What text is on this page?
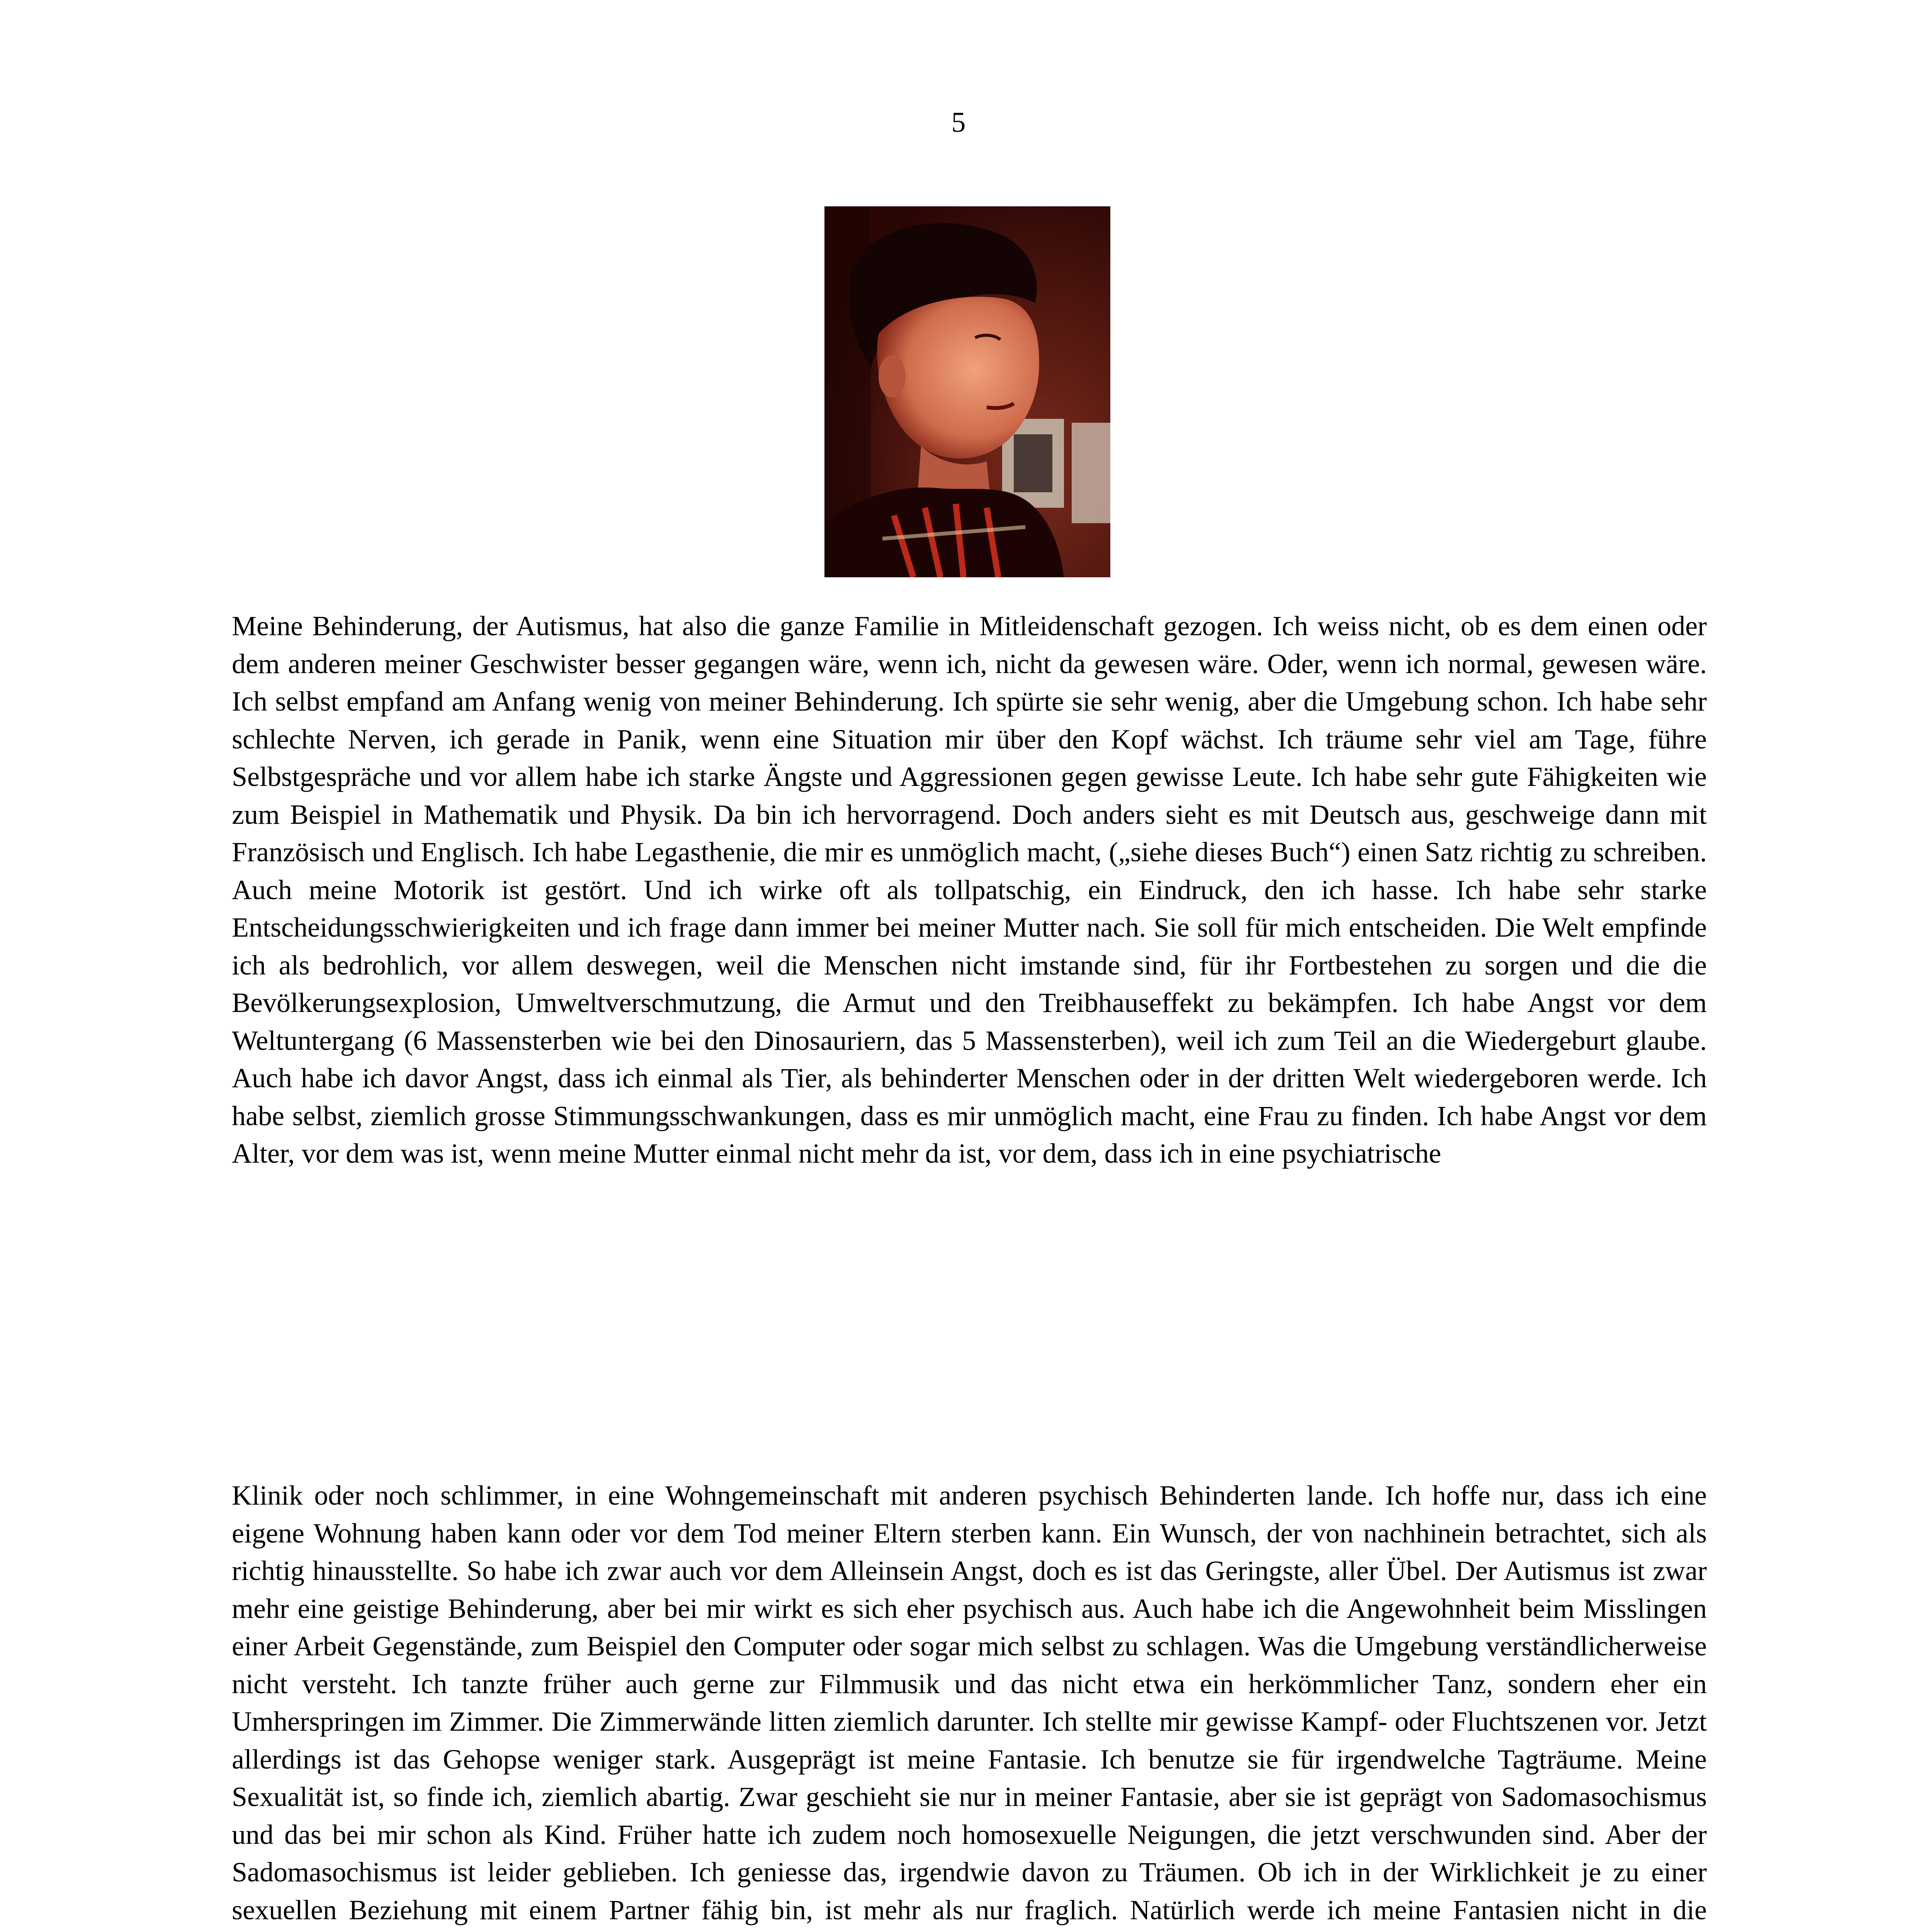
5

Meine Behinderung, der Autismus, hat also die ganze Familie in Mitleidenschaft gezogen. Ich weiss nicht, ob es dem einen oder dem anderen meiner Geschwister besser gegangen wäre, wenn ich, nicht da gewesen wäre. Oder, wenn ich normal, gewesen wäre. Ich selbst empfand am Anfang wenig von meiner Behinderung. Ich spürte sie sehr wenig, aber die Umgebung schon. Ich habe sehr schlechte Nerven, ich gerade in Panik, wenn eine Situation mir über den Kopf wächst. Ich träume sehr viel am Tage, führe Selbstgespräche und vor allem habe ich starke Ängste und Aggressionen gegen gewisse Leute. Ich habe sehr gute Fähigkeiten wie zum Beispiel in Mathematik und Physik. Da bin ich hervorragend. Doch anders sieht es mit Deutsch aus, geschweige dann mit Französisch und Englisch. Ich habe Legasthenie, die mir es unmöglich macht, („siehe dieses Buch“) einen Satz richtig zu schreiben. Auch meine Motorik ist gestört. Und ich wirke oft als tollpatschig, ein Eindruck, den ich hasse. Ich habe sehr starke Entscheidungsschwierigkeiten und ich frage dann immer bei meiner Mutter nach. Sie soll für mich entscheiden. Die Welt empfinde ich als bedrohlich, vor allem deswegen, weil die Menschen nicht imstande sind, für ihr Fortbestehen zu sorgen und die die Bevölkerungsexplosion, Umweltverschmutzung, die Armut und den Treibhauseffekt zu bekämpfen. Ich habe Angst vor dem Weltuntergang (6 Massensterben wie bei den Dinosauriern, das 5 Massensterben), weil ich zum Teil an die Wiedergeburt glaube. Auch habe ich davor Angst, dass ich einmal als Tier, als behinderter Menschen oder in der dritten Welt wiedergeboren werde. Ich habe selbst, ziemlich grosse Stimmungsschwankungen, dass es mir unmöglich macht, eine Frau zu finden. Ich habe Angst vor dem Alter, vor dem was ist, wenn meine Mutter einmal nicht mehr da ist, vor dem, dass ich in eine psychiatrische

Klinik oder noch schlimmer, in eine Wohngemeinschaft mit anderen psychisch Behinderten lande. Ich hoffe nur, dass ich eine eigene Wohnung haben kann oder vor dem Tod meiner Eltern sterben kann. Ein Wunsch, der von nachhinein betrachtet, sich als richtig hinausstellte. So habe ich zwar auch vor dem Alleinsein Angst, doch es ist das Geringste, aller Übel. Der Autismus ist zwar mehr eine geistige Behinderung, aber bei mir wirkt es sich eher psychisch aus. Auch habe ich die Angewohnheit beim Misslingen einer Arbeit Gegenstände, zum Beispiel den Computer oder sogar mich selbst zu schlagen. Was die Umgebung verständlicherweise nicht versteht. Ich tanzte früher auch gerne zur Filmmusik und das nicht etwa ein herkömmlicher Tanz, sondern eher ein Umherspringen im Zimmer. Die Zimmerwände litten ziemlich darunter. Ich stellte mir gewisse Kampf- oder Fluchtszenen vor. Jetzt allerdings ist das Gehopse weniger stark. Ausgeprägt ist meine Fantasie. Ich benutze sie für irgendwelche Tagträume. Meine Sexualität ist, so finde ich, ziemlich abartig. Zwar geschieht sie nur in meiner Fantasie, aber sie ist geprägt von Sadomasochismus und das bei mir schon als Kind. Früher hatte ich zudem noch homosexuelle Neigungen, die jetzt verschwunden sind. Aber der Sadomasochismus ist leider geblieben. Ich geniesse das, irgendwie davon zu Träumen. Ob ich in der Wirklichkeit je zu einer sexuellen Beziehung mit einem Partner fähig bin, ist mehr als nur fraglich. Natürlich werde ich meine Fantasien nicht in die
